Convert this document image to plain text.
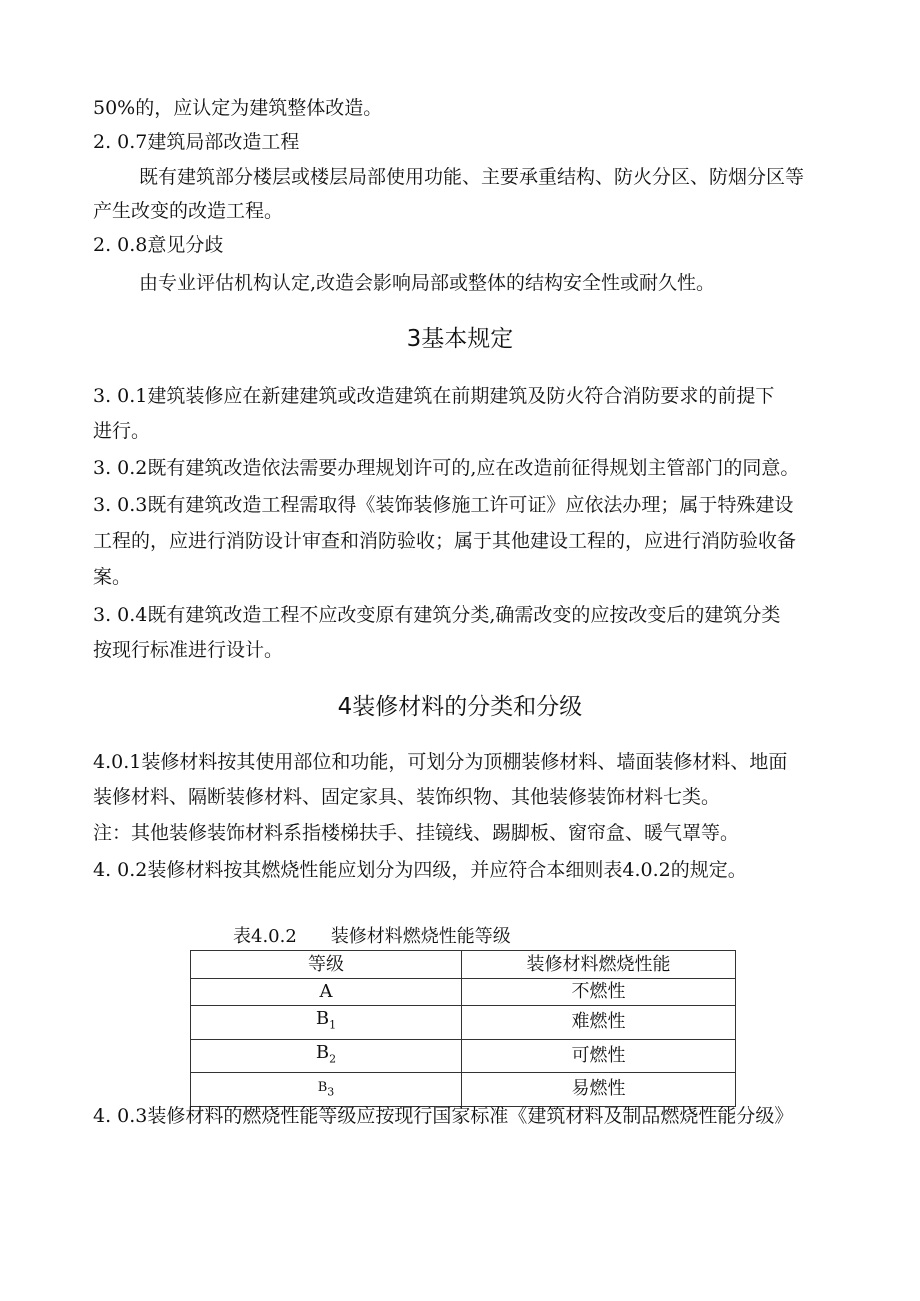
50%的，应认定为建筑整体改造。
2. 0.7建筑局部改造工程
既有建筑部分楼层或楼层局部使用功能、主要承重结构、防火分区、防烟分区等
产生改变的改造工程。
2. 0.8意见分歧
由专业评估机构认定,改造会影响局部或整体的结构安全性或耐久性。
3基本规定
3. 0.1建筑装修应在新建建筑或改造建筑在前期建筑及防火符合消防要求的前提下
进行。
3. 0.2既有建筑改造依法需要办理规划许可的,应在改造前征得规划主管部门的同意。
3. 0.3既有建筑改造工程需取得《装饰装修施工许可证》应依法办理；属于特殊建设
工程的，应进行消防设计审查和消防验收；属于其他建设工程的，应进行消防验收备
案。
3. 0.4既有建筑改造工程不应改变原有建筑分类,确需改变的应按改变后的建筑分类
按现行标准进行设计。
4装修材料的分类和分级
4.0.1装修材料按其使用部位和功能，可划分为顶棚装修材料、墙面装修材料、地面
装修材料、隔断装修材料、固定家具、装饰织物、其他装修装饰材料七类。
注：其他装修装饰材料系指楼梯扶手、挂镜线、踢脚板、窗帘盒、暖气罩等。
4. 0.2装修材料按其燃烧性能应划分为四级，并应符合本细则表4.0.2的规定。
表4.0.2 装修材料燃烧性能等级
等级	装修材料燃烧性能
A	不燃性
$B_1$	难燃性
$B_2$	可燃性
$B_3$	易燃性
4. 0.3装修材料的燃烧性能等级应按现行国家标准《建筑材料及制品燃烧性能分级》
